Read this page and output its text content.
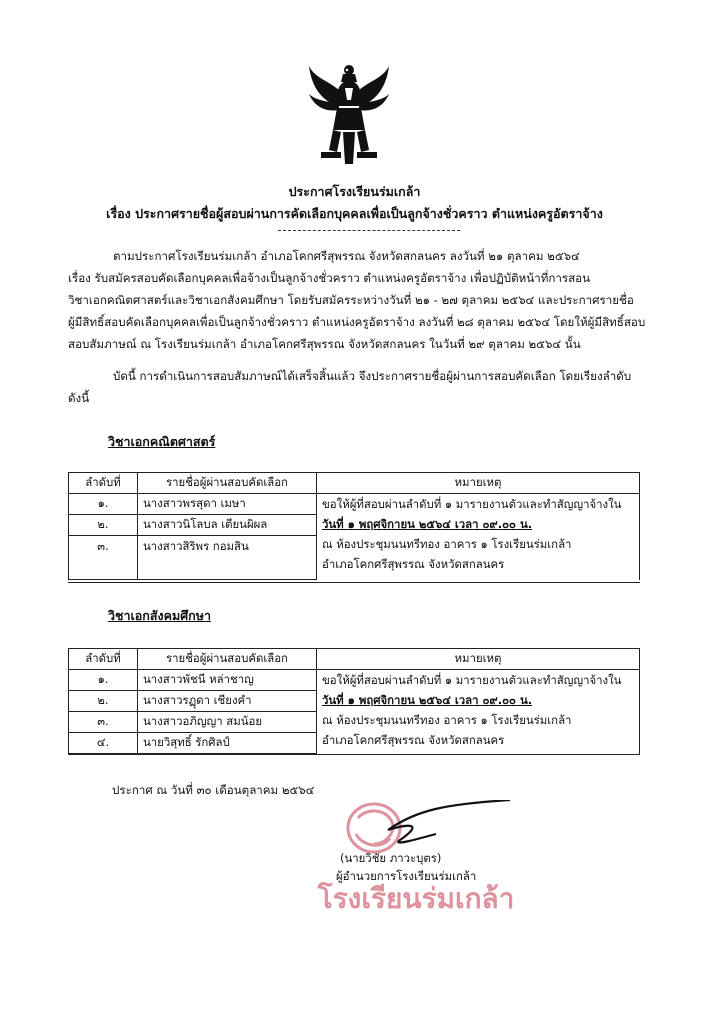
ประกาศโรงเรียนร่มเกล้า
เรื่อง ประกาศรายชื่อผู้สอบผ่านการคัดเลือกบุคคลเพื่อเป็นลูกจ้างชั่วคราว ตำแหน่งครูอัตราจ้าง
ตามประกาศโรงเรียนร่มเกล้า อำเภอโคกศรีสุพรรณ จังหวัดสกลนคร ลงวันที่ ๒๑ ตุลาคม ๒๕๖๔
เรื่อง รับสมัครสอบคัดเลือกบุคคลเพื่อจ้างเป็นลูกจ้างชั่วคราว ตำแหน่งครูอัตราจ้าง เพื่อปฏิบัติหน้าที่การสอน
วิชาเอกคณิตศาสตร์และวิชาเอกสังคมศึกษา โดยรับสมัครระหว่างวันที่ ๒๑ - ๒๗ ตุลาคม ๒๕๖๔ และประกาศรายชื่อ
ผู้มีสิทธิ์สอบคัดเลือกบุคคลเพื่อเป็นลูกจ้างชั่วคราว ตำแหน่งครูอัตราจ้าง ลงวันที่ ๒๘ ตุลาคม ๒๕๖๔ โดยให้ผู้มีสิทธิ์สอบ
สอบสัมภาษณ์ ณ โรงเรียนร่มเกล้า อำเภอโคกศรีสุพรรณ จังหวัดสกลนคร ในวันที่ ๒๙ ตุลาคม ๒๕๖๔ นั้น
บัดนี้ การดำเนินการสอบสัมภาษณ์ได้เสร็จสิ้นแล้ว จึงประกาศรายชื่อผู้ผ่านการสอบคัดเลือก โดยเรียงลำดับ
ดังนี้
วิชาเอกคณิตศาสตร์
ลำดับที่	รายชื่อผู้ผ่านสอบคัดเลือก	หมายเหตุ
๑.	นางสาวพรสุดา เมษา	ขอให้ผู้ที่สอบผ่านลำดับที่ ๑ มารายงานตัวและทำสัญญาจ้างใน
วันที่ ๑ พฤศจิกายน ๒๕๖๔ เวลา ๐๙.๐๐ น.
ณ ห้องประชุมนนทรีทอง อาคาร ๑ โรงเรียนร่มเกล้า
อำเภอโคกศรีสุพรรณ จังหวัดสกลนคร

๒.	นางสาวนิโลบล เตียนผิผล	
๓.	นางสาวสิริพร กอมสิน	
วิชาเอกสังคมศึกษา
ลำดับที่	รายชื่อผู้ผ่านสอบคัดเลือก	หมายเหตุ
๑.	นางสาวพัชนี หล่าชาญ	ขอให้ผู้ที่สอบผ่านลำดับที่ ๑ มารายงานตัวและทำสัญญาจ้างใน
วันที่ ๑ พฤศจิกายน ๒๕๖๔ เวลา ๐๙.๐๐ น.
ณ ห้องประชุมนนทรีทอง อาคาร ๑ โรงเรียนร่มเกล้า
อำเภอโคกศรีสุพรรณ จังหวัดสกลนคร

๒.	นางสาวรฏุดา เชียงคำ	
๓.	นางสาวอภิญญา สมน้อย	
๔.	นายวิสุทธิ์ รักศิลป์	
ประกาศ ณ วันที่ ๓๐ เดือนตุลาคม ๒๕๖๔
โรงเรียนร่มเกล้า
(นายวิชัย ภาวะบุตร)
ผู้อำนวยการโรงเรียนร่มเกล้า
